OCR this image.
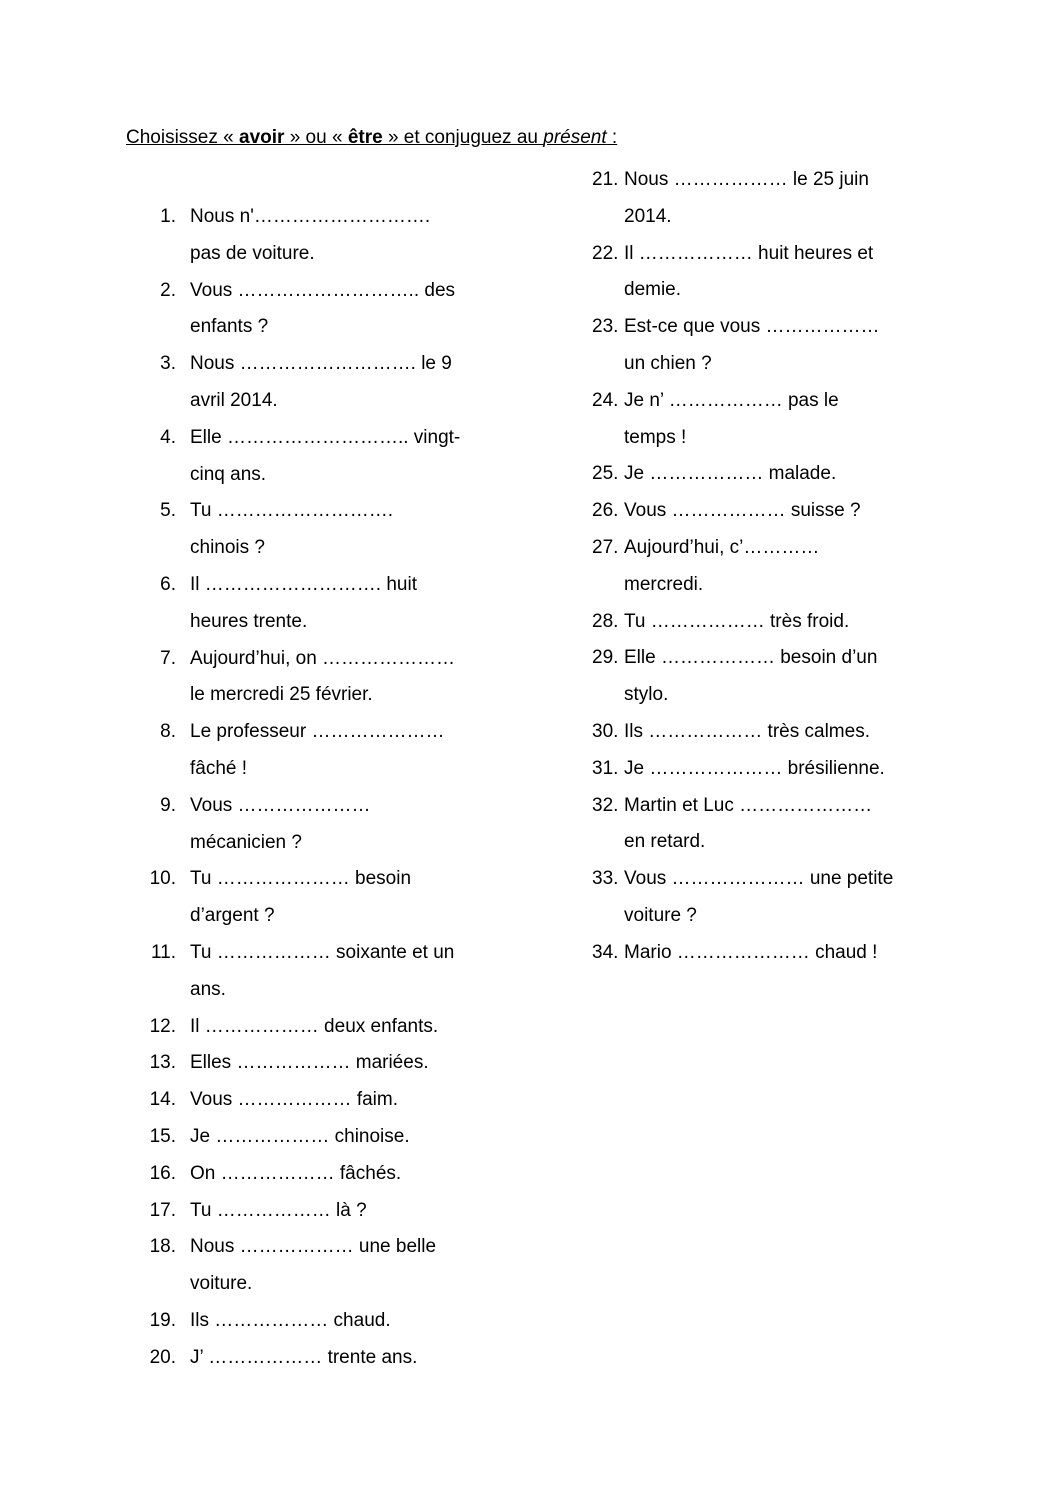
Choisissez « avoir » ou « être » et conjuguez au présent :
1. Nous n'……………………….
pas de voiture.
2. Vous ……………………….. des
enfants ?
3. Nous ………………………. le 9
avril 2014.
4. Elle ……………………….. vingt-
cinq ans.
5. Tu ……………………….
chinois ?
6. Il ………………………. huit
heures trente.
7. Aujourd’hui, on …………………
le mercredi 25 février.
8. Le professeur …………………
fâché !
9. Vous …………………
mécanicien ?
10. Tu ………………… besoin
d’argent ?
11. Tu ……………… soixante et un
ans.
12. Il ……………… deux enfants.
13. Elles ……………… mariées.
14. Vous ……………… faim.
15. Je ……………… chinoise.
16. On ……………… fâchés.
17. Tu ……………… là ?
18. Nous ……………… une belle
voiture.
19. Ils ……………… chaud.
20. J’ ……………… trente ans.
21. Nous ……………… le 25 juin
2014.
22. Il ……………… huit heures et
demie.
23. Est-ce que vous ………………
un chien ?
24. Je n’ ……………… pas le
temps !
25. Je ……………… malade.
26. Vous ……………… suisse ?
27. Aujourd’hui, c’…………
mercredi.
28. Tu ……………… très froid.
29. Elle ……………… besoin d’un
stylo.
30. Ils ……………… très calmes.
31. Je ………………… brésilienne.
32. Martin et Luc …………………
en retard.
33. Vous ………………… une petite
voiture ?
34. Mario ………………… chaud !
